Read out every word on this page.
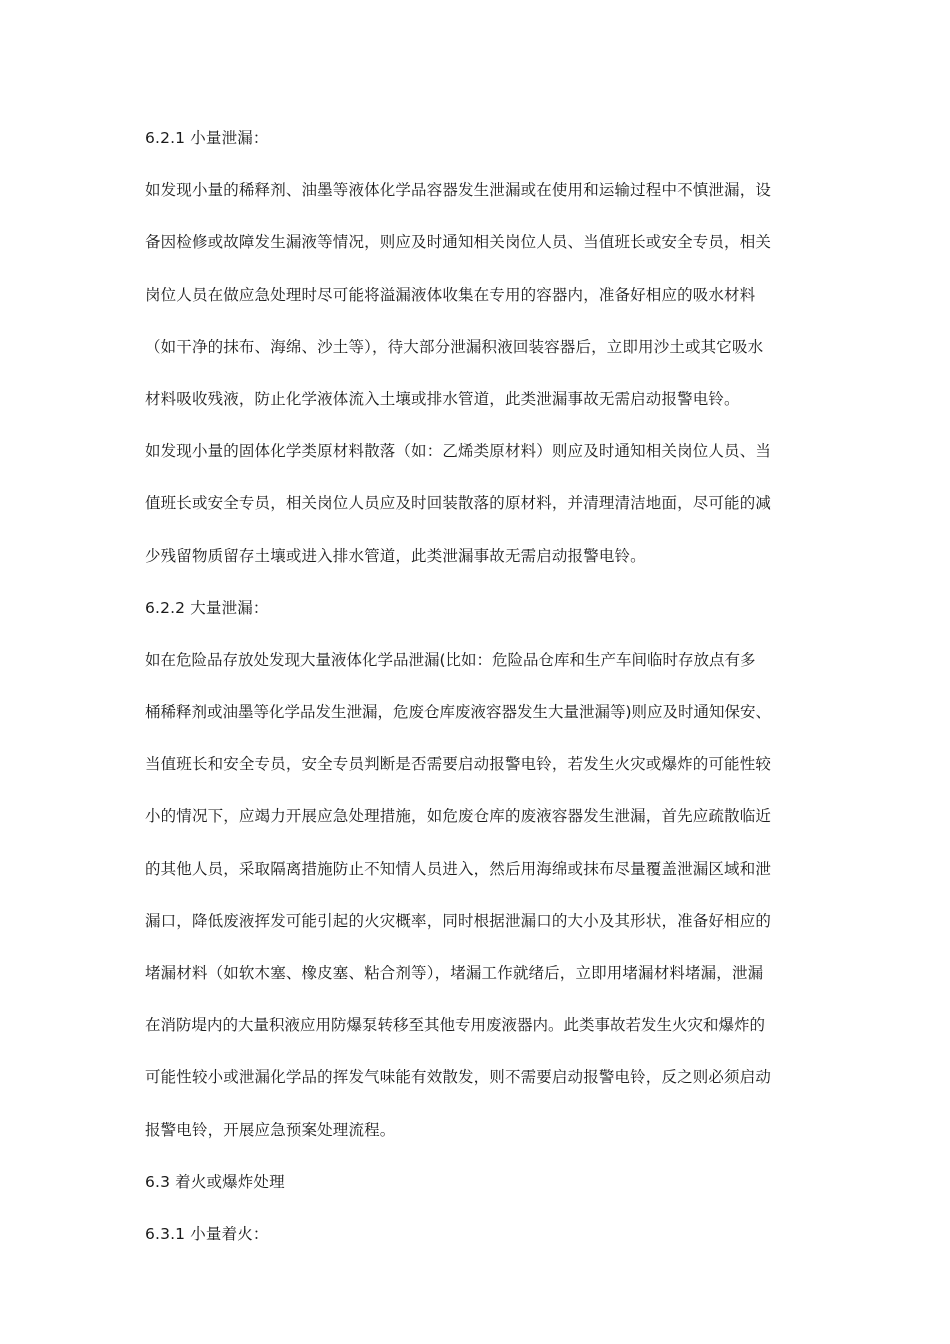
6.2.1 小量泄漏：
如发现小量的稀释剂、油墨等液体化学品容器发生泄漏或在使用和运输过程中不慎泄漏，设
备因检修或故障发生漏液等情况，则应及时通知相关岗位人员、当值班长或安全专员，相关
岗位人员在做应急处理时尽可能将溢漏液体收集在专用的容器内，准备好相应的吸水材料
（如干净的抹布、海绵、沙土等），待大部分泄漏积液回装容器后，立即用沙土或其它吸水
材料吸收残液，防止化学液体流入土壤或排水管道，此类泄漏事故无需启动报警电铃。
如发现小量的固体化学类原材料散落（如：乙烯类原材料）则应及时通知相关岗位人员、当
值班长或安全专员，相关岗位人员应及时回装散落的原材料，并清理清洁地面，尽可能的减
少残留物质留存土壤或进入排水管道，此类泄漏事故无需启动报警电铃。
6.2.2 大量泄漏：
如在危险品存放处发现大量液体化学品泄漏(比如：危险品仓库和生产车间临时存放点有多
桶稀释剂或油墨等化学品发生泄漏，危废仓库废液容器发生大量泄漏等)则应及时通知保安、
当值班长和安全专员，安全专员判断是否需要启动报警电铃，若发生火灾或爆炸的可能性较
小的情况下，应竭力开展应急处理措施，如危废仓库的废液容器发生泄漏，首先应疏散临近
的其他人员，采取隔离措施防止不知情人员进入，然后用海绵或抹布尽量覆盖泄漏区域和泄
漏口，降低废液挥发可能引起的火灾概率，同时根据泄漏口的大小及其形状，准备好相应的
堵漏材料（如软木塞、橡皮塞、粘合剂等），堵漏工作就绪后，立即用堵漏材料堵漏，泄漏
在消防堤内的大量积液应用防爆泵转移至其他专用废液器内。此类事故若发生火灾和爆炸的
可能性较小或泄漏化学品的挥发气味能有效散发，则不需要启动报警电铃，反之则必须启动
报警电铃，开展应急预案处理流程。
6.3 着火或爆炸处理
6.3.1 小量着火：
